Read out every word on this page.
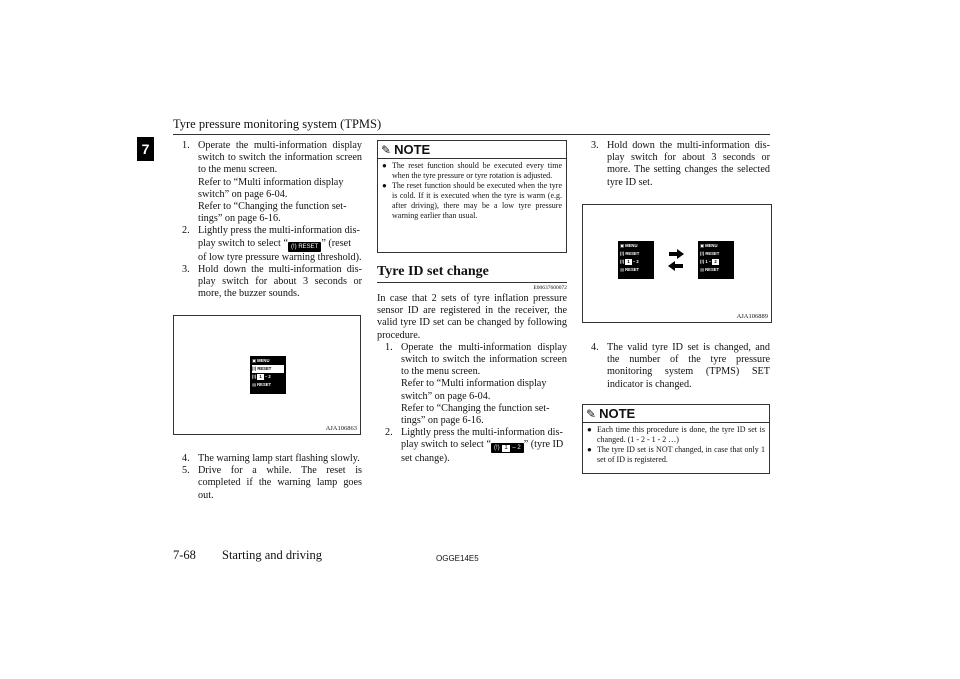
Tyre pressure monitoring system (TPMS)
7	1. Operate the multi-information display switch to switch the information screen to the menu screen.

Refer to “Multi information display switch” on page 6-04.

Refer to “Changing the function set- tings” on page 6-16.

2. Lightly press the multi-information dis- play switch to select “ (!) RESET ” (reset of low tyre pressure warning threshold).

3. Hold down the multi-information dis- play switch for about 3 seconds or more, the buzzer sounds.

▣ MENU
(!) RESET
(!) 1 – 2
▤ RESET
AJA106863
4. The warning lamp start flashing slowly.

5. Drive for a while. The reset is completed if the warning lamp goes out.

✎ NOTE
● The reset function should be executed every time when the tyre pressure or tyre rotation is adjusted.
● The reset function should be executed when the tyre is cold. If it is executed when the tyre is warm (e.g. after driving), there may be a low tyre pressure warning earlier than usual.
Tyre ID set change
E00637600072

In case that 2 sets of tyre inflation pressure sensor ID are registered in the receiver, the valid tyre ID set can be changed by following procedure.

1. Operate the multi-information display switch to switch the information screen to the menu screen.

Refer to “Multi information display switch” on page 6-04.

Refer to “Changing the function set- tings” on page 6-16.

2. Lightly press the multi-information dis- play switch to select “ (!) 1 – 2 ” (tyre ID set change).

3. Hold down the multi-information dis- play switch for about 3 seconds or more. The setting changes the selected tyre ID set.

▣ MENU
(!) RESET
(!) 1 – 2
▤ RESET
▣ MENU
(!) RESET
(!) 1 – 2
▤ RESET
AJA106889
4. The valid tyre ID set is changed, and the number of the tyre pressure monitoring system (TPMS) SET indicator is changed.

✎ NOTE
● Each time this procedure is done, the tyre ID set is changed. (1 - 2 - 1 - 2 …)
● The tyre ID set is NOT changed, in case that only 1 set of ID is registered.
7-68 Starting and driving	OGGE14E5
